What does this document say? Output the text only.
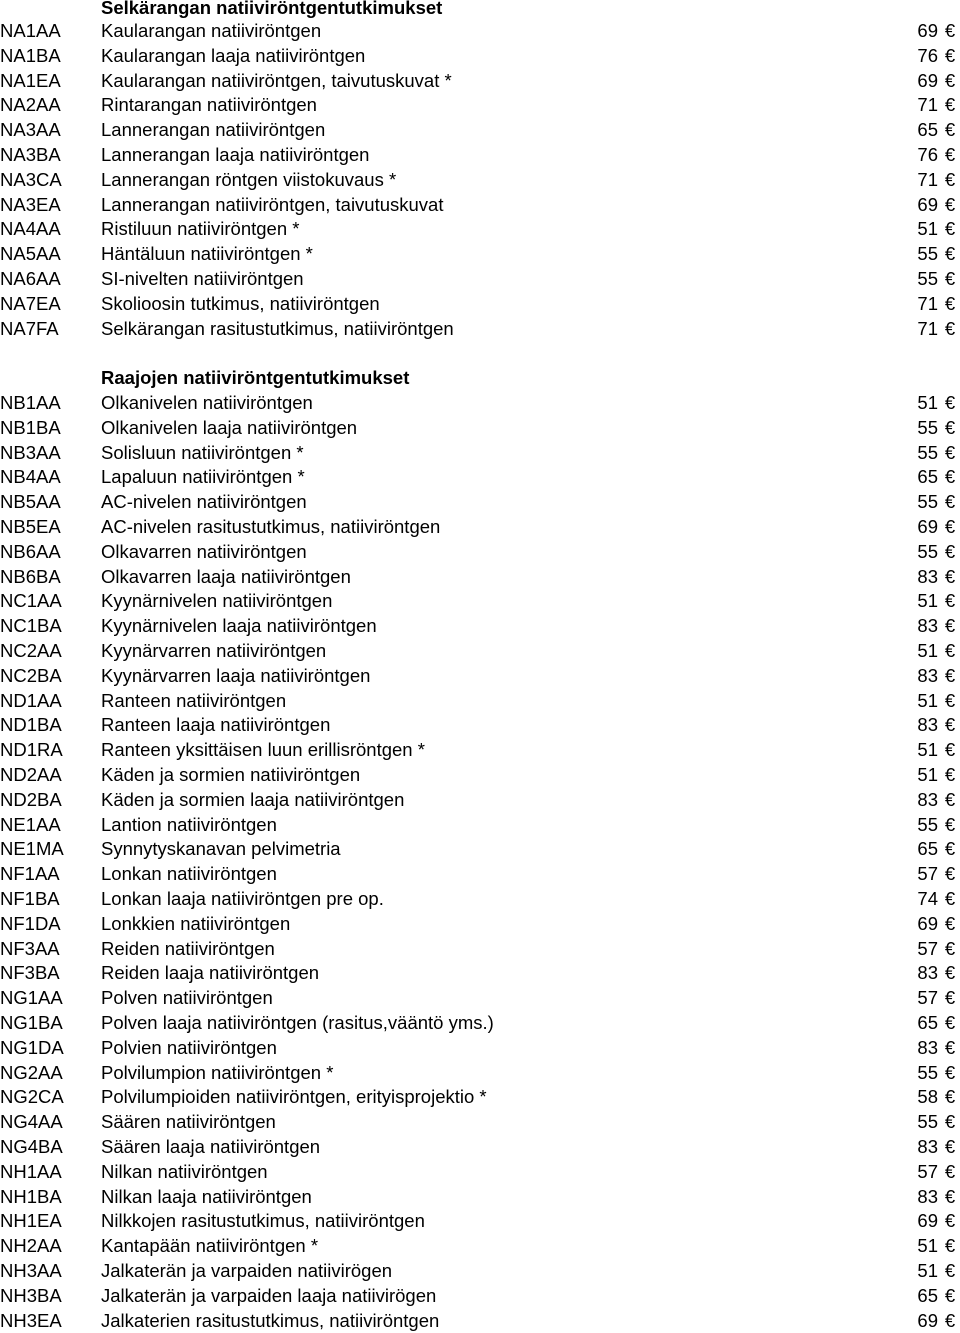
Selkärangan natiiviröntgentutkimukset
NA1AA Kaularangan natiiviröntgen	69 €
NA1BA Kaularangan laaja natiiviröntgen	76 €
NA1EA Kaularangan natiiviröntgen, taivutuskuvat *	69 €
NA2AA Rintarangan natiiviröntgen	71 €
NA3AA Lannerangan natiiviröntgen	65 €
NA3BA Lannerangan laaja natiiviröntgen	76 €
NA3CA Lannerangan röntgen viistokuvaus *	71 €
NA3EA Lannerangan natiiviröntgen, taivutuskuvat	69 €
NA4AA Ristiluun natiiviröntgen *	51 €
NA5AA Häntäluun natiiviröntgen *	55 €
NA6AA SI-nivelten natiiviröntgen	55 €
NA7EA Skolioosin tutkimus, natiiviröntgen	71 €
NA7FA Selkärangan rasitustutkimus, natiiviröntgen	71 €
Raajojen natiiviröntgentutkimukset
NB1AA Olkanivelen natiiviröntgen	51 €
NB1BA Olkanivelen laaja natiiviröntgen	55 €
NB3AA Solisluun natiiviröntgen *	55 €
NB4AA Lapaluun natiiviröntgen *	65 €
NB5AA AC-nivelen natiiviröntgen	55 €
NB5EA AC-nivelen rasitustutkimus, natiiviröntgen	69 €
NB6AA Olkavarren natiiviröntgen	55 €
NB6BA Olkavarren laaja natiiviröntgen	83 €
NC1AA Kyynärnivelen natiiviröntgen	51 €
NC1BA Kyynärnivelen laaja natiiviröntgen	83 €
NC2AA Kyynärvarren natiiviröntgen	51 €
NC2BA Kyynärvarren laaja natiiviröntgen	83 €
ND1AA Ranteen natiiviröntgen	51 €
ND1BA Ranteen laaja natiiviröntgen	83 €
ND1RA Ranteen yksittäisen luun erillisröntgen *	51 €
ND2AA Käden ja sormien natiiviröntgen	51 €
ND2BA Käden ja sormien laaja natiiviröntgen	83 €
NE1AA Lantion natiiviröntgen	55 €
NE1MA Synnytyskanavan pelvimetria	65 €
NF1AA Lonkan natiiviröntgen	57 €
NF1BA Lonkan laaja natiiviröntgen pre op.	74 €
NF1DA Lonkkien natiiviröntgen	69 €
NF3AA Reiden natiiviröntgen	57 €
NF3BA Reiden laaja natiiviröntgen	83 €
NG1AA Polven natiiviröntgen	57 €
NG1BA Polven laaja natiiviröntgen (rasitus,vääntö yms.)	65 €
NG1DA Polvien natiiviröntgen	83 €
NG2AA Polvilumpion natiiviröntgen *	55 €
NG2CA Polvilumpioiden natiiviröntgen, erityisprojektio *	58 €
NG4AA Säären natiiviröntgen	55 €
NG4BA Säären laaja natiiviröntgen	83 €
NH1AA Nilkan natiiviröntgen	57 €
NH1BA Nilkan laaja natiiviröntgen	83 €
NH1EA Nilkkojen rasitustutkimus, natiiviröntgen	69 €
NH2AA Kantapään natiiviröntgen *	51 €
NH3AA Jalkaterän ja varpaiden natiivirögen	51 €
NH3BA Jalkaterän ja varpaiden laaja natiivirögen	65 €
NH3EA Jalkaterien rasitustutkimus, natiiviröntgen	69 €
